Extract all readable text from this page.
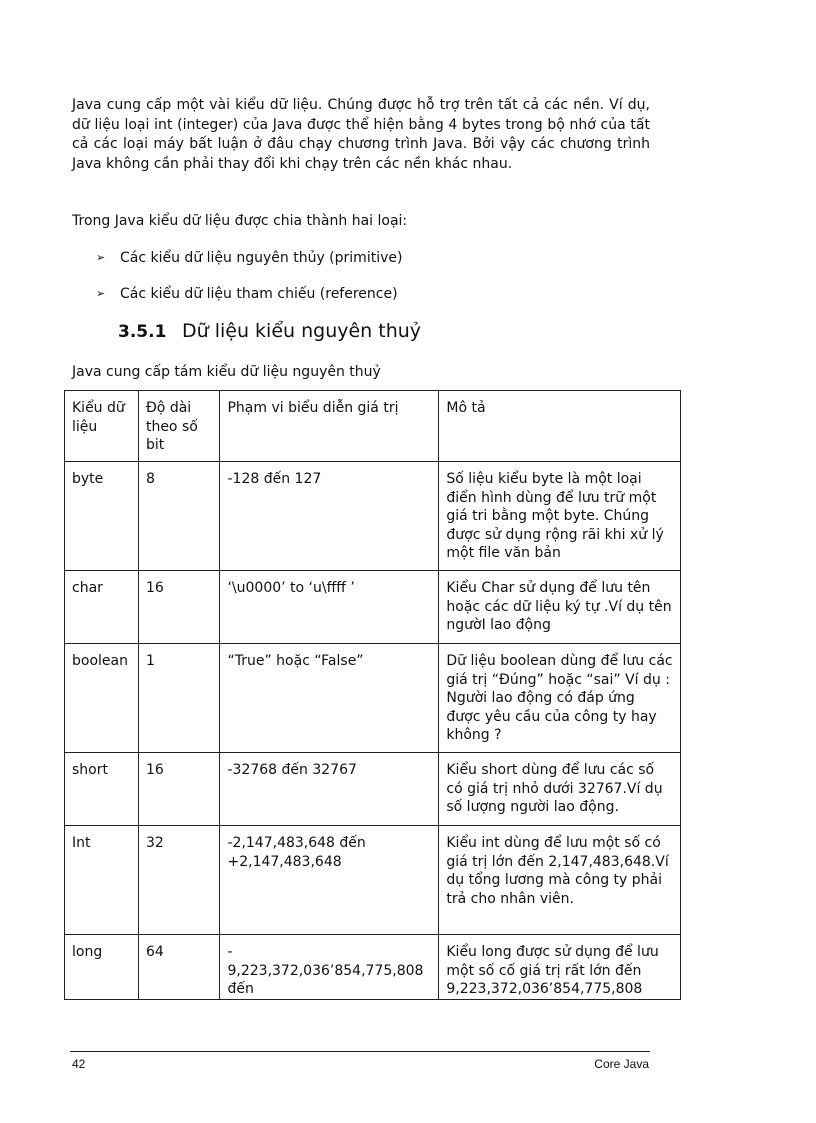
Java cung cấp một vài kiểu dữ liệu. Chúng được hỗ trợ trên tất cả các nền. Ví dụ, dữ liệu loại int (integer) của Java được thể hiện bằng 4 bytes trong bộ nhớ của tất cả các loại máy bất luận ở đâu chạy chương trình Java. Bởi vậy các chương trình Java không cần phải thay đổi khi chạy trên các nền khác nhau.

Trong Java kiểu dữ liệu được chia thành hai loại:

➢	Các kiểu dữ liệu nguyên thủy (primitive)
➢	Các kiểu dữ liệu tham chiếu (reference)
3.5.1 Dữ liệu kiểu nguyên thuỷ

Java cung cấp tám kiểu dữ liệu nguyên thuỷ

Kiểu dữ liệu	Độ dài theo số bit	Phạm vi biểu diễn giá trị	Mô tả
byte	8	-128 đến 127	Số liệu kiểu byte là một loại điển hình dùng để lưu trữ một giá tri bằng một byte. Chúng được sử dụng rộng rãi khi xử lý một file văn bản
char	16	‘\u0000’ to ‘u\ffff ’	Kiểu Char sử dụng để lưu tên hoặc các dữ liệu ký tự .Ví dụ tên ngườI lao động
boolean	1	“True” hoặc “False”	Dữ liệu boolean dùng để lưu các giá trị “Đúng” hoặc “sai” Ví dụ : Người lao động có đáp ứng được yêu cầu của công ty hay không ?
short	16	-32768 đến 32767	Kiểu short dùng để lưu các số có giá trị nhỏ dưới 32767.Ví dụ số lượng người lao động.
Int	32	-2,147,483,648 đến +2,147,483,648	Kiểu int dùng để lưu một số có giá trị lớn đến 2,147,483,648.Ví dụ tổng lương mà công ty phải trả cho nhân viên.
long	64	- 9,223,372,036’854,775,808 đến	Kiểu long được sử dụng để lưu một số cố giá trị rất lớn đến 9,223,372,036’854,775,808
42	Core Java
